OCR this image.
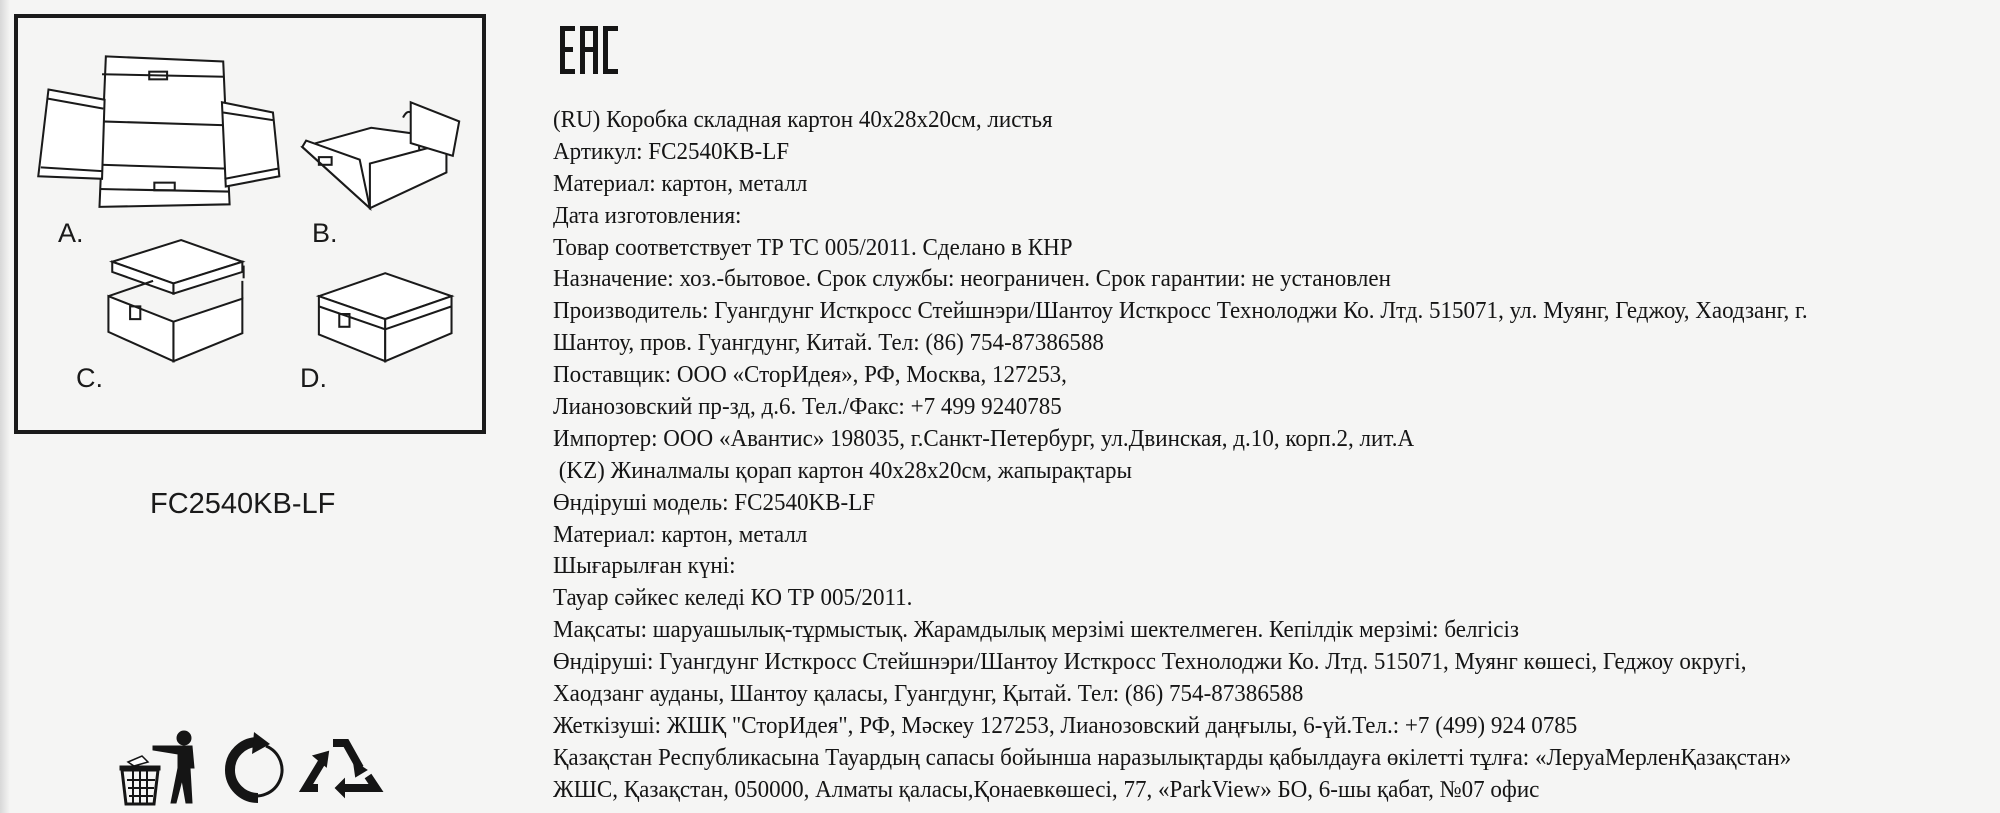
A.	B.
C.	D.
FC2540KB-LF
(RU) Коробка складная картон 40x28x20см, листья
Артикул: FC2540KB-LF
Материал: картон, металл
Дата изготовления:
Товар соответствует ТР ТС 005/2011. Сделано в КНР
Назначение: хоз.-бытовое. Срок службы: неограничен. Срок гарантии: не установлен
Производитель: Гуангдунг Исткросс Стейшнэри/Шантоу Исткросс Технолоджи Ко. Лтд. 515071, ул. Муянг, Геджоу, Хаодзанг, г.
Шантоу, пров. Гуангдунг, Китай. Тел: (86) 754-87386588
Поставщик: ООО «СторИдея», РФ, Москва, 127253,
Лианозовский пр-зд, д.6. Тел./Факс: +7 499 9240785
Импортер: ООО «Авантис» 198035, г.Санкт-Петербург, ул.Двинская, д.10, корп.2, лит.А
(KZ) Жиналмалы қорап картон 40x28x20см, жапырақтары
Өндіруші модель: FC2540KB-LF
Материал: картон, металл
Шығарылған күні:
Тауар сәйкес келеді КО ТР 005/2011.
Мақсаты: шаруашылық-тұрмыстық. Жарамдылық мерзімі шектелмеген. Кепілдік мерзімі: белгісіз
Өндіруші: Гуангдунг Исткросс Стейшнэри/Шантоу Исткросс Технолоджи Ко. Лтд. 515071, Муянг көшесі, Геджоу округі,
Хаодзанг ауданы, Шантоу қаласы, Гуангдунг, Қытай. Тел: (86) 754-87386588
Жеткізуші: ЖШҚ "СторИдея", РФ, Мәскеу 127253, Лианозовский даңғылы, 6-үй.Тел.: +7 (499) 924 0785
Қазақстан Республикасына Тауардың сапасы бойынша наразылықтарды қабылдауға өкілетті тұлға: «ЛеруаМерленҚазақстан»
ЖШС, Қазақстан, 050000, Алматы қаласы,Қонаевкөшесі, 77, «ParkView» БО, 6-шы қабат, №07 офис
